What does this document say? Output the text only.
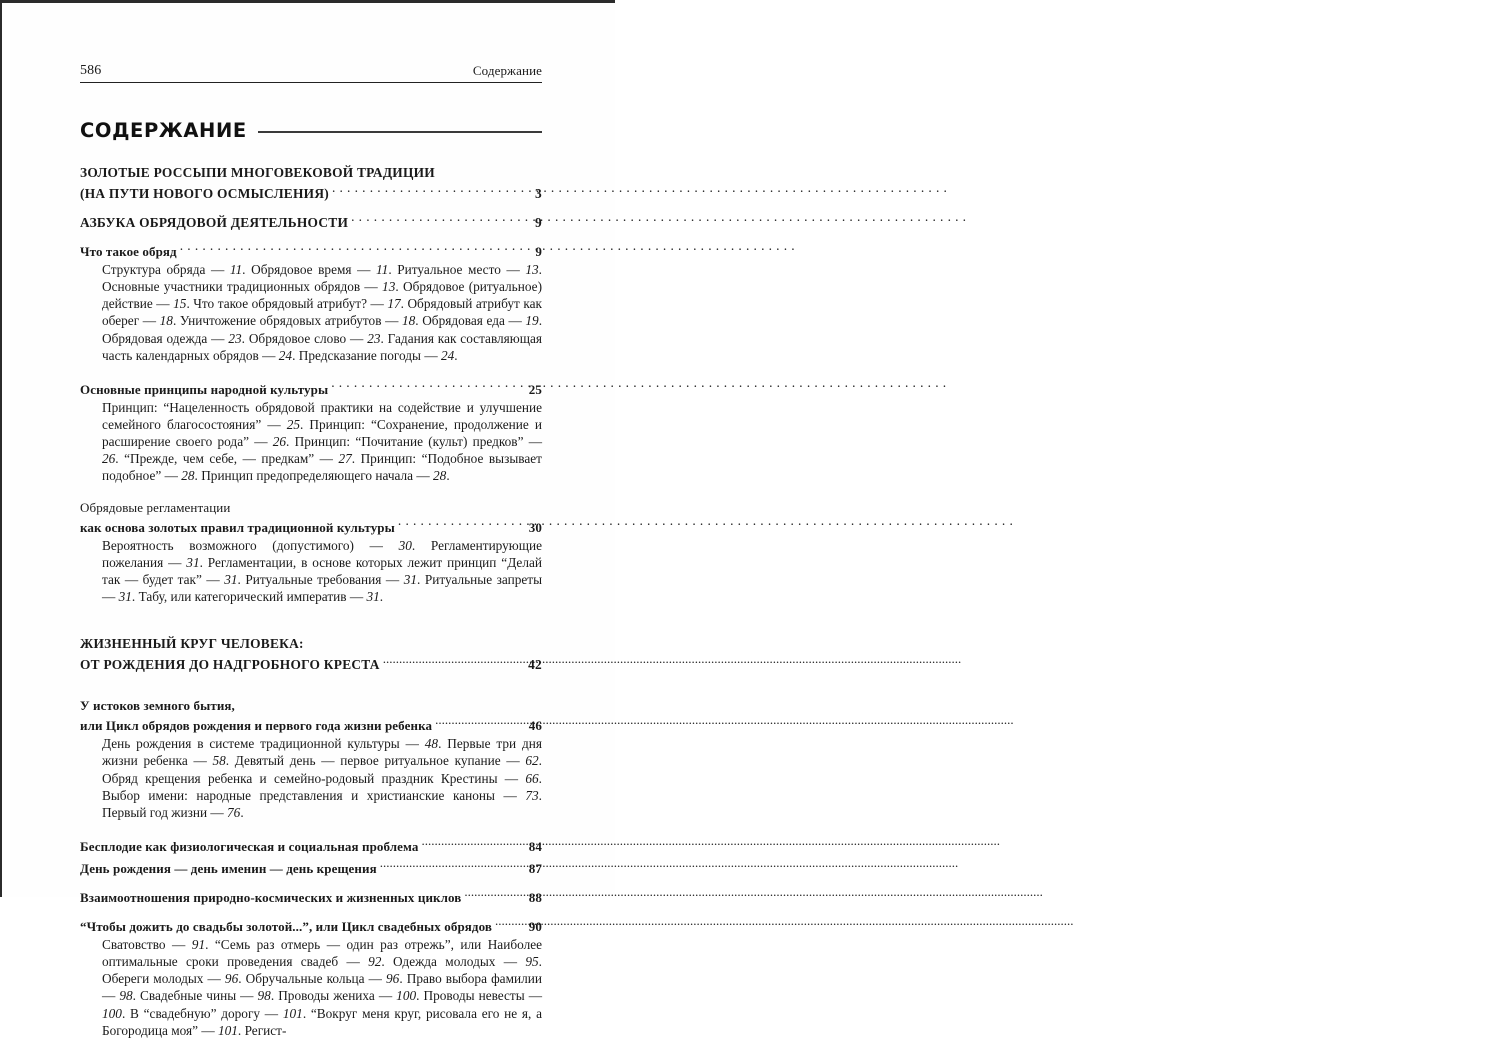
586	Содержание
СОДЕРЖАНИЕ
ЗОЛОТЫЕ РОССЫПИ МНОГОВЕКОВОЙ ТРАДИЦИИ
(НА ПУТИ НОВОГО ОСМЫСЛЕНИЯ) . . .	3
АЗБУКА ОБРЯДОВОЙ ДЕЯТЕЛЬНОСТИ . . .	9
Что такое обряд . . .	9
Структура обряда — 11. Обрядовое время — 11. Ритуальное место — 13. Основные участники традиционных обрядов — 13. Обрядовое (ритуальное) действие — 15. Что такое обрядовый атрибут? — 17. Обрядовый атрибут как оберег — 18. Уничтожение обрядовых атрибутов — 18. Обрядовая еда — 19. Обрядовая одежда — 23. Обрядовое слово — 23. Гадания как составляющая часть календарных обрядов — 24. Предсказание погоды — 24.
Основные принципы народной культуры . . .	25
Принцип: “Нацеленность обрядовой практики на содействие и улучшение семейного благосостояния” — 25. Принцип: “Сохранение, продолжение и расширение своего рода” — 26. Принцип: “Почитание (культ) предков” — 26. “Прежде, чем себе, — предкам” — 27. Принцип: “Подобное вызывает подобное” — 28. Принцип предопределяющего начала — 28.
Обрядовые регламентации
как основа золотых правил традиционной культуры . . .	30
Вероятность возможного (допустимого) — 30. Регламентирующие пожелания — 31. Регламентации, в основе которых лежит принцип “Делай так — будет так” — 31. Ритуальные требования — 31. Ритуальные запреты — 31. Табу, или категорический императив — 31.
ЖИЗНЕННЫЙ КРУГ ЧЕЛОВЕКА:
ОТ РОЖДЕНИЯ ДО НАДГРОБНОГО КРЕСТА .....	42
У истоков земного бытия,
или Цикл обрядов рождения и первого года жизни ребенка .....	46
День рождения в системе традиционной культуры — 48. Первые три дня жизни ребенка — 58. Девятый день — первое ритуальное купание — 62. Обряд крещения ребенка и семейно-родовый праздник Крестины — 66. Выбор имени: народные представления и христианские каноны — 73. Первый год жизни — 76.
Бесплодие как физиологическая и социальная проблема .....	84
День рождения — день именин — день крещения .....	87
Взаимоотношения природно-космических и жизненных циклов .....	88
“Чтобы дожить до свадьбы золотой...”, или Цикл свадебных обрядов .....	90
Сватовство — 91. “Семь раз отмерь — один раз отрежь”, или Наиболее оптимальные сроки проведения свадеб — 92. Одежда молодых — 95. Обереги молодых — 96. Обручальные кольца — 96. Право выбора фамилии — 98. Свадебные чины — 98. Проводы жениха — 100. Проводы невесты — 100. В “свадебную” дорогу — 101. “Вокруг меня круг, рисовала его не я, а Богородица моя” — 101. Регист-
